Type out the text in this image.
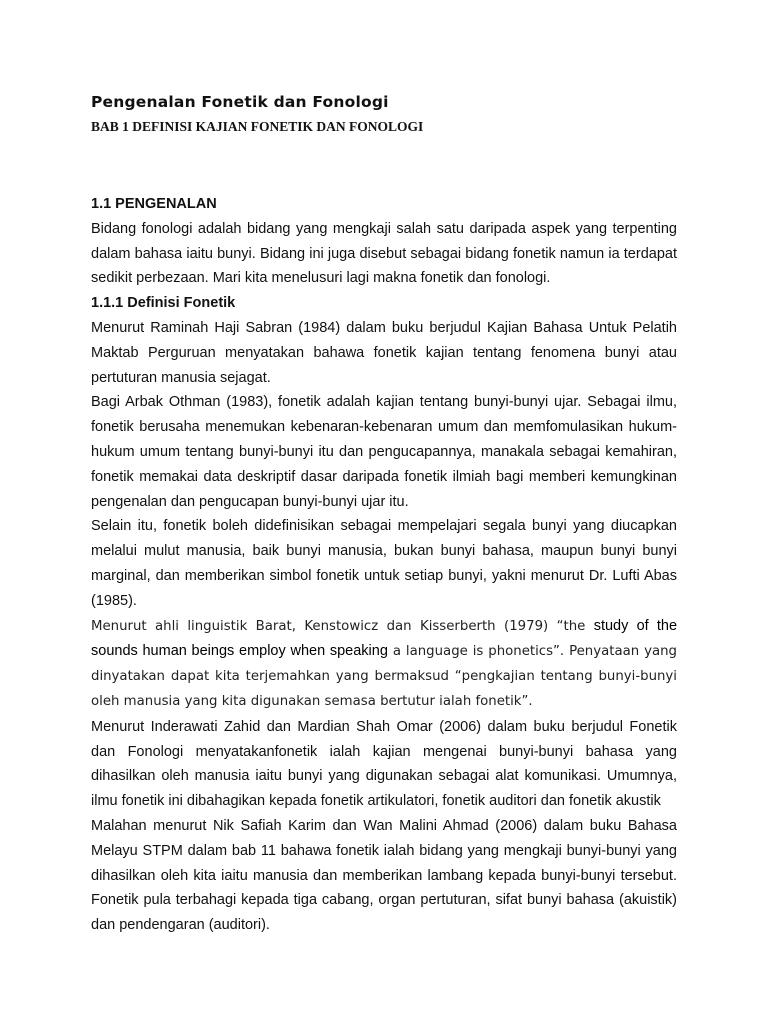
Pengenalan Fonetik dan Fonologi
BAB 1 DEFINISI KAJIAN FONETIK DAN FONOLOGI
1.1 PENGENALAN

Bidang fonologi adalah bidang yang mengkaji salah satu daripada aspek yang terpenting dalam bahasa iaitu bunyi. Bidang ini juga disebut sebagai bidang fonetik namun ia terdapat sedikit perbezaan. Mari kita menelusuri lagi makna fonetik dan fonologi.

1.1.1 Definisi Fonetik

Menurut Raminah Haji Sabran (1984) dalam buku berjudul Kajian Bahasa Untuk Pelatih Maktab Perguruan menyatakan bahawa fonetik kajian tentang fenomena bunyi atau pertuturan manusia sejagat.

Bagi Arbak Othman (1983), fonetik adalah kajian tentang bunyi-bunyi ujar. Sebagai ilmu, fonetik berusaha menemukan kebenaran-kebenaran umum dan memfomulasikan hukum-hukum umum tentang bunyi-bunyi itu dan pengucapannya, manakala sebagai kemahiran, fonetik memakai data deskriptif dasar daripada fonetik ilmiah bagi memberi kemungkinan pengenalan dan pengucapan bunyi-bunyi ujar itu.

Selain itu, fonetik boleh didefinisikan sebagai mempelajari segala bunyi yang diucapkan melalui mulut manusia, baik bunyi manusia, bukan bunyi bahasa, maupun bunyi bunyi marginal, dan memberikan simbol fonetik untuk setiap bunyi, yakni menurut Dr. Lufti Abas (1985).

Menurut ahli linguistik Barat, Kenstowicz dan Kisserberth (1979) “the study of the sounds human beings employ when speaking a language is phonetics”. Penyataan yang dinyatakan dapat kita terjemahkan yang bermaksud “pengkajian tentang bunyi-bunyi oleh manusia yang kita digunakan semasa bertutur ialah fonetik”.

Menurut Inderawati Zahid dan Mardian Shah Omar (2006) dalam buku berjudul Fonetik dan Fonologi menyatakanfonetik ialah kajian mengenai bunyi-bunyi bahasa yang dihasilkan oleh manusia iaitu bunyi yang digunakan sebagai alat komunikasi. Umumnya, ilmu fonetik ini dibahagikan kepada fonetik artikulatori, fonetik auditori dan fonetik akustik

Malahan menurut Nik Safiah Karim dan Wan Malini Ahmad (2006) dalam buku Bahasa Melayu STPM dalam bab 11 bahawa fonetik ialah bidang yang mengkaji bunyi-bunyi yang dihasilkan oleh kita iaitu manusia dan memberikan lambang kepada bunyi-bunyi tersebut. Fonetik pula terbahagi kepada tiga cabang, organ pertuturan, sifat bunyi bahasa (akuistik) dan pendengaran (auditori).
